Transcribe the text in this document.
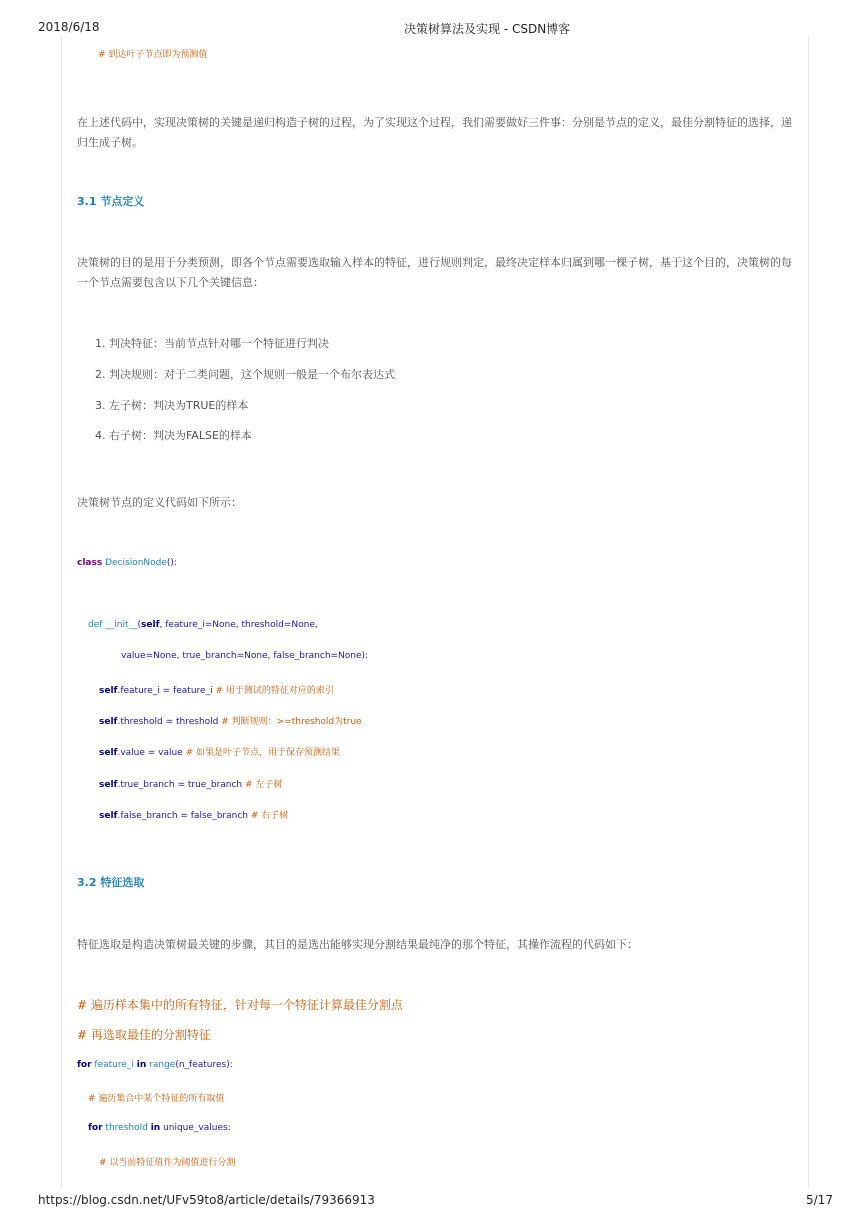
2018/6/18	决策树算法及实现 - CSDN博客
# 到达叶子节点即为预测值
在上述代码中，实现决策树的关键是递归构造子树的过程，为了实现这个过程，我们需要做好三件事：分别是节点的定义，最佳分割特征的选择，递
归生成子树。
3.1 节点定义
决策树的目的是用于分类预测，即各个节点需要选取输入样本的特征，进行规则判定，最终决定样本归属到哪一棵子树，基于这个目的，决策树的每
一个节点需要包含以下几个关键信息：
1. 判决特征：当前节点针对哪一个特征进行判决
2. 判决规则：对于二类问题，这个规则一般是一个布尔表达式
3. 左子树：判决为TRUE的样本
4. 右子树：判决为FALSE的样本
决策树节点的定义代码如下所示：
class DecisionNode():
def __init__(self, feature_i=None, threshold=None,
value=None, true_branch=None, false_branch=None):
self.feature_i = feature_i # 用于测试的特征对应的索引
self.threshold = threshold # 判断规则：>=threshold为true
self.value = value # 如果是叶子节点，用于保存预测结果
self.true_branch = true_branch # 左子树
self.false_branch = false_branch # 右子树
3.2 特征选取
特征选取是构造决策树最关键的步骤，其目的是选出能够实现分割结果最纯净的那个特征，其操作流程的代码如下：
# 遍历样本集中的所有特征，针对每一个特征计算最佳分割点
# 再选取最佳的分割特征
for feature_i in range(n_features):
# 遍历集合中某个特征的所有取值
for threshold in unique_values:
# 以当前特征值作为阈值进行分割
https://blog.csdn.net/UFv59to8/article/details/79366913	5/17
